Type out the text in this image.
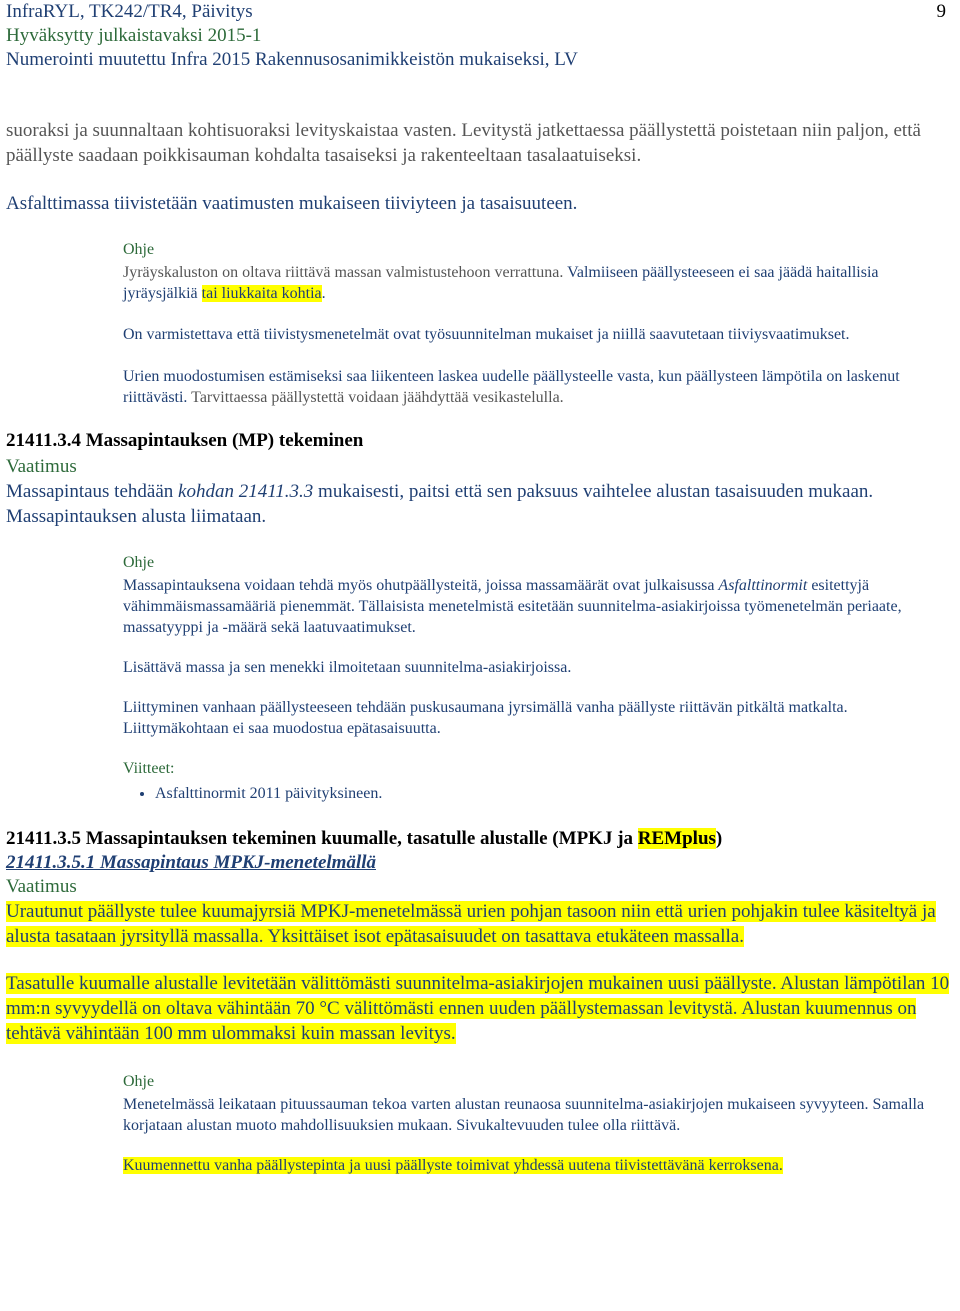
InfraRYL, TK242/TR4, Päivitys
Hyväksytty julkaistavaksi 2015-1
Numerointi muutettu Infra 2015 Rakennusosanimikkeistön mukaiseksi, LV
9

suoraksi ja suunnaltaan kohtisuoraksi levityskaistaa vasten. Levitystä jatkettaessa päällystettä poistetaan niin paljon, että päällyste saadaan poikkisauman kohdalta tasaiseksi ja rakenteeltaan tasalaatuiseksi.

Asfalttimassa tiivistetään vaatimusten mukaiseen tiiviyteen ja tasaisuuteen.

Ohje

Jyräyskaluston on oltava riittävä massan valmistustehoon verrattuna. Valmiiseen päällysteeseen ei saa jäädä haitallisia jyräysjälkiä tai liukkaita kohtia.

On varmistettava että tiivistysmenetelmät ovat työsuunnitelman mukaiset ja niillä saavutetaan tiiviysvaatimukset.

Urien muodostumisen estämiseksi saa liikenteen laskea uudelle päällysteelle vasta, kun päällysteen lämpötila on laskenut riittävästi. Tarvittaessa päällystettä voidaan jäähdyttää vesikastelulla.

21411.3.4 Massapintauksen (MP) tekeminen
Vaatimus

Massapintaus tehdään kohdan 21411.3.3 mukaisesti, paitsi että sen paksuus vaihtelee alustan tasaisuuden mukaan. Massapintauksen alusta liimataan.

Ohje

Massapintauksena voidaan tehdä myös ohutpäällysteitä, joissa massamäärät ovat julkaisussa Asfalttinormit esitettyjä vähimmäismassamääriä pienemmät. Tällaisista menetelmistä esitetään suunnitelma-asiakirjoissa työmenetelmän periaate, massatyyppi ja -määrä sekä laatuvaatimukset.

Lisättävä massa ja sen menekki ilmoitetaan suunnitelma-asiakirjoissa.

Liittyminen vanhaan päällysteeseen tehdään puskusaumana jyrsimällä vanha päällyste riittävän pitkältä matkalta. Liittymäkohtaan ei saa muodostua epätasaisuutta.

Viitteet:
• Asfalttinormit 2011 päivityksineen.
21411.3.5 Massapintauksen tekeminen kuumalle, tasatulle alustalle (MPKJ ja REMplus)
21411.3.5.1 Massapintaus MPKJ-menetelmällä
Vaatimus

Urautunut päällyste tulee kuumajyrsiä MPKJ-menetelmässä urien pohjan tasoon niin että urien pohjakin tulee käsiteltyä ja alusta tasataan jyrsityllä massalla. Yksittäiset isot epätasaisuudet on tasattava etukäteen massalla.

Tasatulle kuumalle alustalle levitetään välittömästi suunnitelma-asiakirjojen mukainen uusi päällyste. Alustan lämpötilan 10 mm:n syvyydellä on oltava vähintään 70 °C välittömästi ennen uuden päällystemassan levitystä. Alustan kuumennus on tehtävä vähintään 100 mm ulommaksi kuin massan levitys.

Ohje

Menetelmässä leikataan pituussauman tekoa varten alustan reunaosa suunnitelma-asiakirjojen mukaiseen syvyyteen. Samalla korjataan alustan muoto mahdollisuuksien mukaan. Sivukaltevuuden tulee olla riittävä.

Kuumennettu vanha päällystepinta ja uusi päällyste toimivat yhdessä uutena tiivistettävänä kerroksena.
